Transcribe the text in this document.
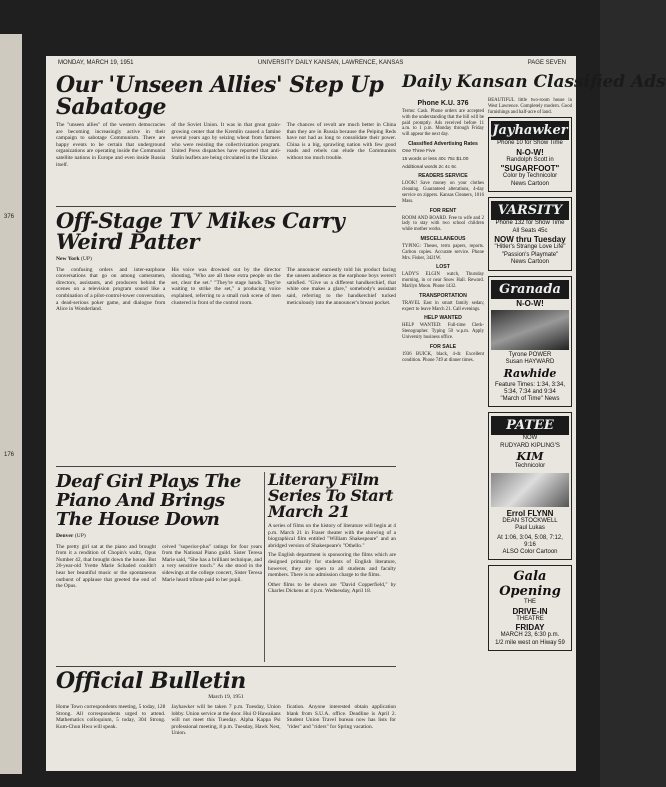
376
176
MONDAY, MARCH 19, 1951	UNIVERSITY DAILY KANSAN, LAWRENCE, KANSAS	PAGE SEVEN
Our 'Unseen Allies' Step Up Sabatoge

The "unseen allies" of the western democracies are becoming increasingly active in their campaign to sabotage Communism. There are happy events to be certain that underground organizations are operating inside the Communist satellite nations in Europe and even inside Russia itself.

of the Soviet Union. It was in that great grain-growing center that the Kremlin caused a famine several years ago by seizing wheat from farmers who were resisting the collectivization program. United Press dispatches have reported that anti-Stalin leaflets are being circulated in the Ukraine.

The chances of revolt are much better in China than they are in Russia because the Peiping Reds have not had as long to consolidate their power. China is a big, sprawling nation with few good roads and rebels can elude the Communists without too much trouble.

Off-Stage TV Mikes Carry Weird Patter
New York (UP)

The confusing orders and inter-earphone conversations that go on among cameramen, directors, assistants, and producers behind the scenes on a television program sound like a combination of a pilot-control-tower conversation, a dead-serious poker game, and dialogue from Alice in Wonderland.

His voice was drowned out by the director shouting, "Who are all these extra people on the set, clear the set." "They're stage hands. They're waiting to strike the set," a producing voice explained, referring to a small rush scene of men clustered in front of the control room.

The announcer earnestly told his product facing the unseen audience as the earphone boys weren't satisfied. "Give us a different handkerchief, that white one makes a glare," somebody's assistant said, referring to the handkerchief tucked meticulously into the announcer's breast pocket.

Deaf Girl Plays The Piano And Brings The House Down
Denver (UP)

The pretty girl sat at the piano and brought from it a rendition of Chopin's waltz, Opus Number 42, that brought down the house. But 20-year-old Yvette Marie Schaded couldn't hear her beautiful music or the spontaneous outburst of applause that greeted the end of the Opus.

ceived "superior-plus" ratings for four years from the National Piano guild. Sister Teresa Marie said, "She has a brilliant technique, and a very sensitive touch." As she stood in the sidewings at the college concert, Sister Teresa Marie heard tribute paid to her pupil.

Literary Film Series To Start March 21

A series of films on the history of literature will begin at 4 p.m. March 21 in Fraser theater with the showing of a biographical film entitled "William Shakespeare" and an abridged version of Shakespeare's "Othello."

The English department is sponsoring the films which are designed primarily for students of English literature, however, they are open to all students and faculty members. There is no admission charge to the films.

Other films to be shown are "David Copperfield," by Charles Dickens at 4 p.m. Wednesday, April 18.

Official Bulletin
March 19, 1951

Home Town correspondents meeting, 5 today, 128 Strong. All correspondents urged to attend. Mathematics colloquium, 5 today, 304 Strong. Kum-Chun Hwu will speak.

Jayhawker will be taken 7 p.m. Tuesday, Union lobby. Union service at the door. Hui O Hawaiians will not meet this Tuesday. Alpha Kappa Psi professional meeting, 8 p.m. Tuesday, Hawk Nest, Union.

fication. Anyone interested obtain application blank from S.U.A. office. Deadline is April 2. Student Union Travel bureau now has lists for "rides" and "riders" for Spring vacation.

Daily Kansan Classified Ads
Phone K.U. 376

Terms: Cash. Phone orders are accepted with the understanding that the bill will be paid promptly. Ads received before 11 a.m. to 1 p.m. Monday through Friday will appear the next day.

Classified Advertising Rates
One Three Five
15 words or less 40c 75c $1.00
Additional words 2c 4c 6c
READERS SERVICE

LOOK! Save money on your clothes cleaning. Guaranteed alterations, 4-day service on zippers. Kansas Cleaners, 1016 Mass.

FOR RENT

ROOM AND BOARD. Free to wife and 2 lady to stay with two school children while mother works.

MISCELLANEOUS

TYPING: Theses, term papers, reports. Carbon copies. Accurate service. Phone Mrs. Fisher, 3421W.

LOST

LADY'S ELGIN watch, Thursday morning, in or near Snow Hall. Reward. Marilyn Moon. Phone 1432.

TRANSPORTATION

TRAVEL East in smart family sedan; expect to leave March 21. Call evenings.

HELP WANTED

HELP WANTED: Full-time Clerk-Stenographer. Typing 50 w.p.m. Apply University business office.

FOR SALE

1936 BUICK, black, 4-dr. Excellent condition. Phone 749 at dinner times.

BEAUTIFUL little two-room house in West Lawrence. Completely modern. Good furnishings and half-acre of land.

Jayhawker
Phone 10 for Show Time
N-O-W!
Randolph Scott in
"SUGARFOOT"
Color by Technicolor
News Cartoon
VARSITY
Phone 132 for Show Time
All Seats 45c
NOW thru Tuesday
"Hitler's Strange Love Life"
"Passion's Playmate"
News Cartoon
Granada
N-O-W!
Tyrone POWER
Susan HAYWARD
Rawhide
Feature Times: 1:34, 3:34, 5:34, 7:34 and 9:34
"March of Time" News
PATEE
NOW
RUDYARD KIPLING'S
KIM
Technicolor
Errol FLYNN
DEAN STOCKWELL
Paul Lukas
At 1:06, 3:04, 5:08, 7:12, 9:16
ALSO Color Cartoon
Gala Opening
THE
DRIVE-IN
THEATRE
FRIDAY
MARCH 23, 6:30 p.m.
1/2 mile west on Hiway 59
